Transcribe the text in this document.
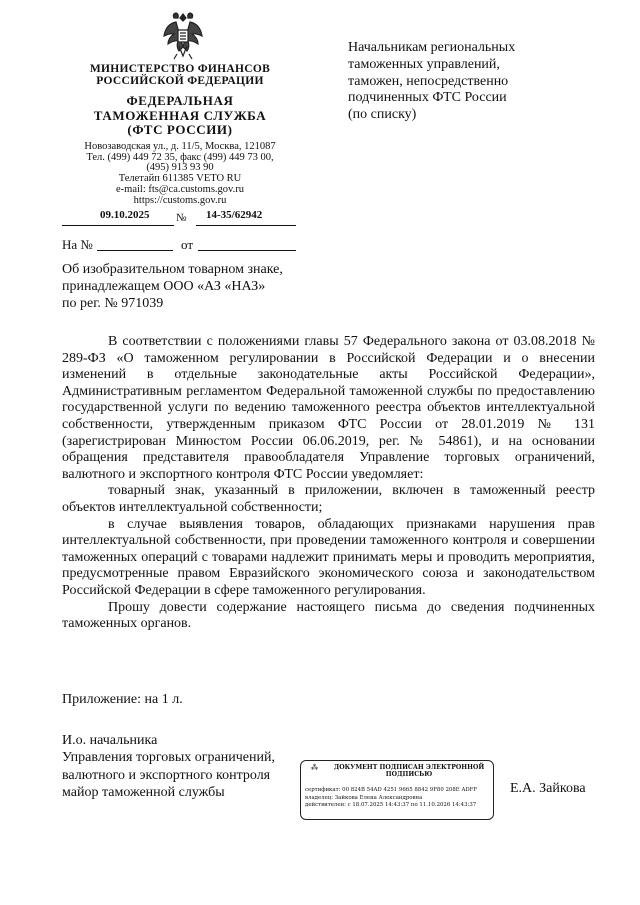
МИНИСТЕРСТВО ФИНАНСОВ
РОССИЙСКОЙ ФЕДЕРАЦИИ
ФЕДЕРАЛЬНАЯ
ТАМОЖЕННАЯ СЛУЖБА
(ФТС РОССИИ)
Новозаводская ул., д. 11/5, Москва, 121087
Тел. (499) 449 72 35, факс (499) 449 73 00,
(495) 913 93 90
Телетайп 611385 VETO RU
e-mail: fts@ca.customs.gov.ru
https://customs.gov.ru
09.10.2025 № 14-35/62942
На №	от
Начальникам региональных
таможенных управлений,
таможен, непосредственно
подчиненных ФТС России
(по списку)
Об изобразительном товарном знаке,
принадлежащем ООО «АЗ «НАЗ»
по рег. № 971039

В соответствии с положениями главы 57 Федерального закона от 03.08.2018 № 289-ФЗ «О таможенном регулировании в Российской Федерации и о внесении изменений в отдельные законодательные акты Российской Федерации», Административным регламентом Федеральной таможенной службы по предоставлению государственной услуги по ведению таможенного реестра объектов интеллектуальной собственности, утвержденным приказом ФТС России от 28.01.2019 № 131 (зарегистрирован Минюстом России 06.06.2019, рег. № 54861), и на основании обращения представителя правообладателя Управление торговых ограничений, валютного и экспортного контроля ФТС России уведомляет:

товарный знак, указанный в приложении, включен в таможенный реестр объектов интеллектуальной собственности;

в случае выявления товаров, обладающих признаками нарушения прав интеллектуальной собственности, при проведении таможенного контроля и совершении таможенных операций с товарами надлежит принимать меры и проводить мероприятия, предусмотренные правом Евразийского экономического союза и законодательством Российской Федерации в сфере таможенного регулирования.

Прошу довести содержание настоящего письма до сведения подчиненных таможенных органов.

Приложение: на 1 л.
И.о. начальника
Управления торговых ограничений,
валютного и экспортного контроля
майор таможенной службы
⁂	ДОКУМЕНТ ПОДПИСАН ЭЛЕКТРОННОЙ
ПОДПИСЬЮ
сертификат: 00 824B 54AD 4251 9665 8842 9F80 208E ADFF
владелец: Зайкова Елена Александровна
действителен: с 18.07.2025 14:43:37 по 11.10.2026 14:43:37
Е.А. Зайкова
